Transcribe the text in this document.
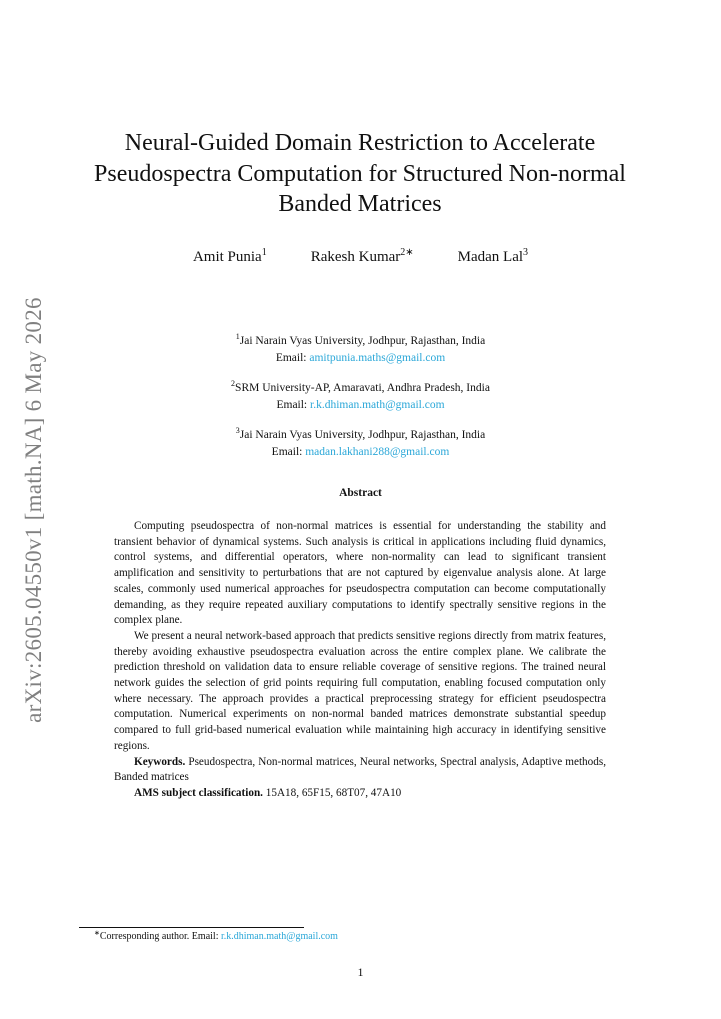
arXiv:2605.04550v1 [math.NA] 6 May 2026
Neural-Guided Domain Restriction to Accelerate
Pseudospectra Computation for Structured Non-normal
Banded Matrices
Amit Punia$^1$	Rakesh Kumar$^{2∗}$	Madan Lal$^3$
$^1$Jai Narain Vyas University, Jodhpur, Rajasthan, India
Email: amitpunia.maths@gmail.com
$^2$SRM University-AP, Amaravati, Andhra Pradesh, India
Email: r.k.dhiman.math@gmail.com
$^3$Jai Narain Vyas University, Jodhpur, Rajasthan, India
Email: madan.lakhani288@gmail.com
Abstract

Computing pseudospectra of non-normal matrices is essential for understanding the stability and transient behavior of dynamical systems. Such analysis is critical in applications including fluid dynamics, control systems, and differential operators, where non-normality can lead to significant transient amplification and sensitivity to perturbations that are not captured by eigenvalue analysis alone. At large scales, commonly used numerical approaches for pseudospectra computation can become computationally demanding, as they require repeated auxiliary computations to identify spectrally sensitive regions in the complex plane.

We present a neural network-based approach that predicts sensitive regions directly from matrix features, thereby avoiding exhaustive pseudospectra evaluation across the entire complex plane. We calibrate the prediction threshold on validation data to ensure reliable coverage of sensitive regions. The trained neural network guides the selection of grid points requiring full computation, enabling focused computation only where necessary. The approach provides a practical preprocessing strategy for efficient pseudospectra computation. Numerical experiments on non-normal banded matrices demonstrate substantial speedup compared to full grid-based numerical evaluation while maintaining high accuracy in identifying sensitive regions.

Keywords. Pseudospectra, Non-normal matrices, Neural networks, Spectral analysis, Adaptive methods, Banded matrices

AMS subject classification. 15A18, 65F15, 68T07, 47A10

∗Corresponding author. Email: r.k.dhiman.math@gmail.com
1
